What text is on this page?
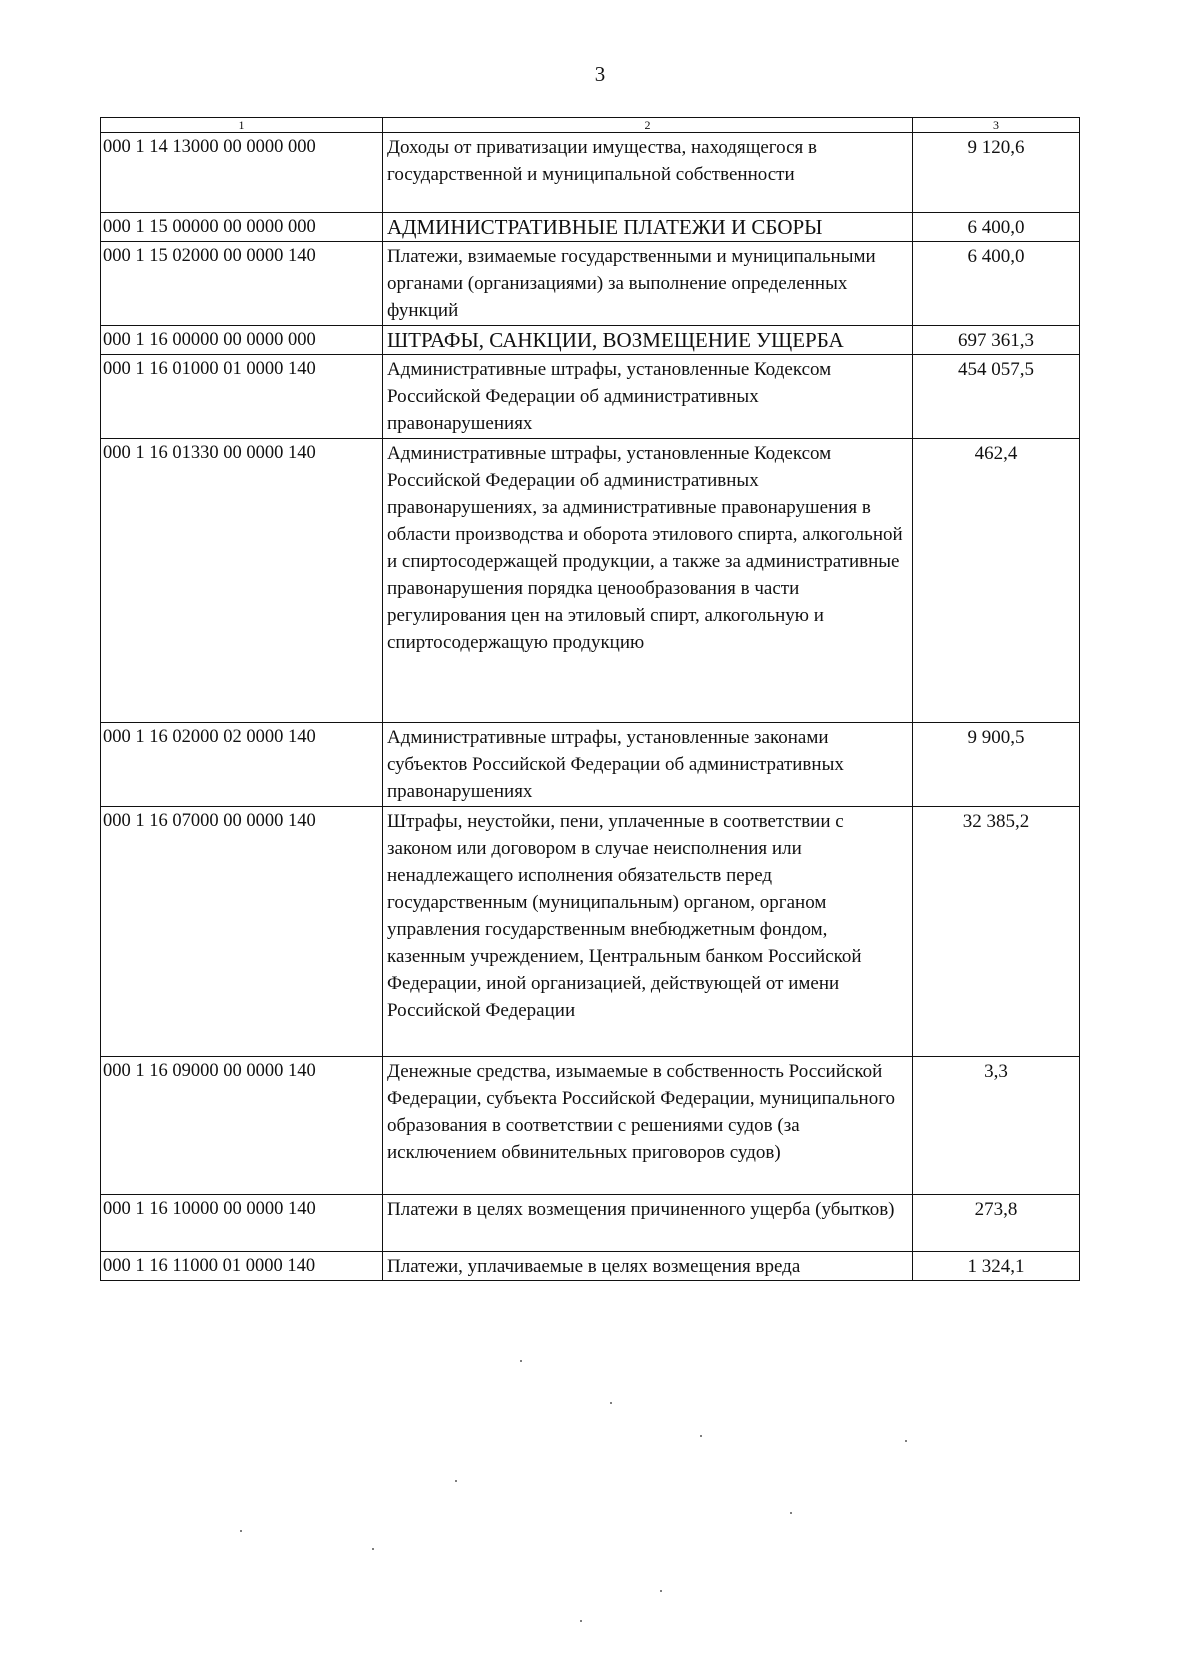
3
1	2	3
000 1 14 13000 00 0000 000	Доходы от приватизации имущества, находящегося в государственной и муниципальной собственности	9 120,6
000 1 15 00000 00 0000 000	АДМИНИСТРАТИВНЫЕ ПЛАТЕЖИ И СБОРЫ	6 400,0
000 1 15 02000 00 0000 140	Платежи, взимаемые государственными и муниципальными органами (организациями) за выполнение определенных функций	6 400,0
000 1 16 00000 00 0000 000	ШТРАФЫ, САНКЦИИ, ВОЗМЕЩЕНИЕ УЩЕРБА	697 361,3
000 1 16 01000 01 0000 140	Административные штрафы, установленные Кодексом Российской Федерации об административных правонарушениях	454 057,5
000 1 16 01330 00 0000 140	Административные штрафы, установленные Кодексом Российской Федерации об административных правонарушениях, за административные правонарушения в области производства и оборота этилового спирта, алкогольной и спиртосодержащей продукции, а также за административные правонарушения порядка ценообразования в части регулирования цен на этиловый спирт, алкогольную и спиртосодержащую продукцию	462,4
000 1 16 02000 02 0000 140	Административные штрафы, установленные законами субъектов Российской Федерации об административных правонарушениях	9 900,5
000 1 16 07000 00 0000 140	Штрафы, неустойки, пени, уплаченные в соответствии с законом или договором в случае неисполнения или ненадлежащего исполнения обязательств перед государственным (муниципальным) органом, органом управления государственным внебюджетным фондом, казенным учреждением, Центральным банком Российской Федерации, иной организацией, действующей от имени Российской Федерации	32 385,2
000 1 16 09000 00 0000 140	Денежные средства, изымаемые в собственность Российской Федерации, субъекта Российской Федерации, муниципального образования в соответствии с решениями судов (за исключением обвинительных приговоров судов)	3,3
000 1 16 10000 00 0000 140	Платежи в целях возмещения причиненного ущерба (убытков)	273,8
000 1 16 11000 01 0000 140	Платежи, уплачиваемые в целях возмещения вреда	1 324,1
